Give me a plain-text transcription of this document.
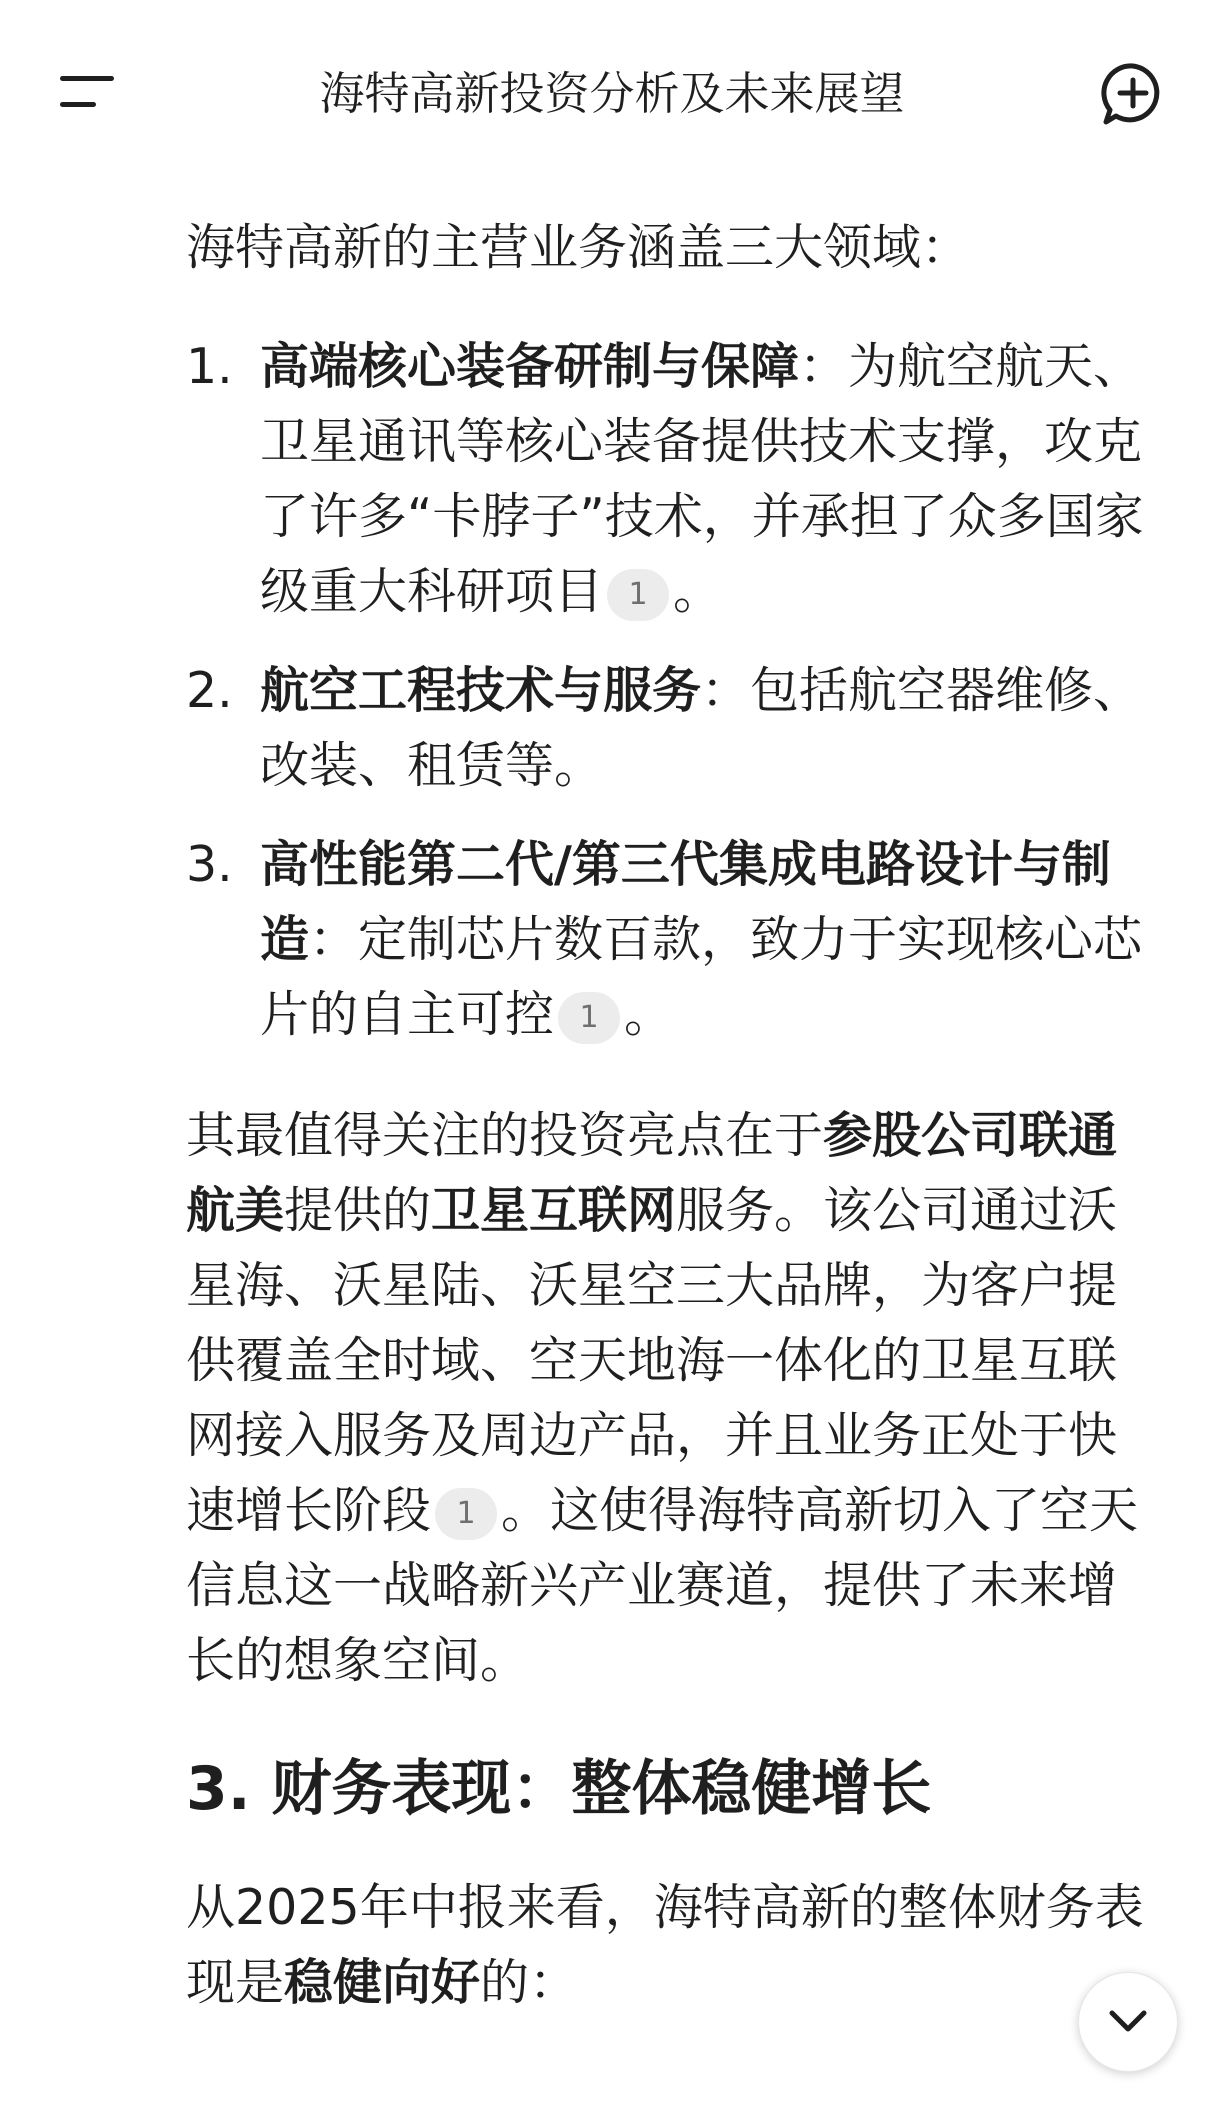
海特高新投资分析及未来展望

海特高新的主营业务涵盖三大领域：

1. 高端核心装备研制与保障：为航空航天、卫星通讯等核心装备提供技术支撑，攻克了许多“卡脖子”技术，并承担了众多国家级重大科研项目 1 。
2. 航空工程技术与服务：包括航空器维修、改装、租赁等。
3. 高性能第二代/第三代集成电路设计与制造：定制芯片数百款，致力于实现核心芯片的自主可控 1 。

其最值得关注的投资亮点在于参股公司联通航美提供的卫星互联网服务。该公司通过沃星海、沃星陆、沃星空三大品牌，为客户提供覆盖全时域、空天地海一体化的卫星互联网接入服务及周边产品，并且业务正处于快速增长阶段 1 。这使得海特高新切入了空天信息这一战略新兴产业赛道，提供了未来增长的想象空间。

3. 财务表现：整体稳健增长

从2025年中报来看，海特高新的整体财务表现是稳健向好的：
